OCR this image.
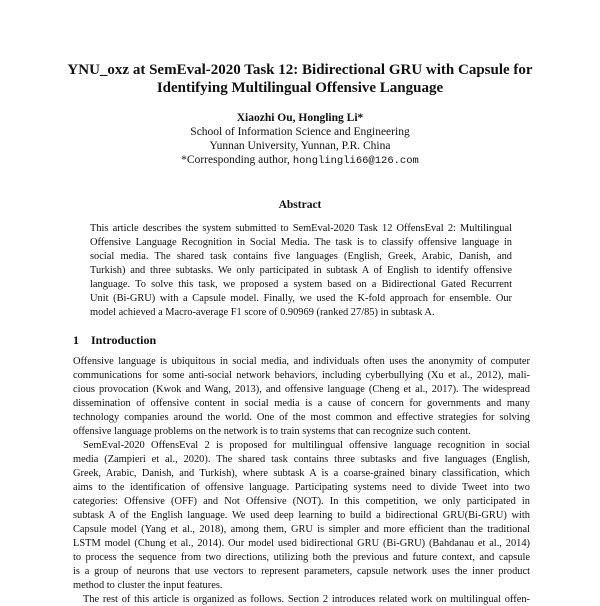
YNU_oxz at SemEval-2020 Task 12: Bidirectional GRU with Capsule for
Identifying Multilingual Offensive Language
Xiaozhi Ou, Hongling Li*
School of Information Science and Engineering
Yunnan University, Yunnan, P.R. China
*Corresponding author, honglingli66@126.com
Abstract
This article describes the system submitted to SemEval-2020 Task 12 OffensEval 2: Multilingual
Offensive Language Recognition in Social Media. The task is to classify offensive language in
social media. The shared task contains five languages (English, Greek, Arabic, Danish, and
Turkish) and three subtasks. We only participated in subtask A of English to identify offensive
language. To solve this task, we proposed a system based on a Bidirectional Gated Recurrent
Unit (Bi-GRU) with a Capsule model. Finally, we used the K-fold approach for ensemble. Our
model achieved a Macro-average F1 score of 0.90969 (ranked 27/85) in subtask A.
1 Introduction
Offensive language is ubiquitous in social media, and individuals often uses the anonymity of computer
communications for some anti-social network behaviors, including cyberbullying (Xu et al., 2012), mali-
cious provocation (Kwok and Wang, 2013), and offensive language (Cheng et al., 2017). The widespread
dissemination of offensive content in social media is a cause of concern for governments and many
technology companies around the world. One of the most common and effective strategies for solving
offensive language problems on the network is to train systems that can recognize such content.
SemEval-2020 OffensEval 2 is proposed for multilingual offensive language recognition in social
media (Zampieri et al., 2020). The shared task contains three subtasks and five languages (English,
Greek, Arabic, Danish, and Turkish), where subtask A is a coarse-grained binary classification, which
aims to the identification of offensive language. Participating systems need to divide Tweet into two
categories: Offensive (OFF) and Not Offensive (NOT). In this competition, we only participated in
subtask A of the English language. We used deep learning to build a bidirectional GRU(Bi-GRU) with
Capsule model (Yang et al., 2018), among them, GRU is simpler and more efficient than the traditional
LSTM model (Chung et al., 2014). Our model used bidirectional GRU (Bi-GRU) (Bahdanau et al., 2014)
to process the sequence from two directions, utilizing both the previous and future context, and capsule
is a group of neurons that use vectors to represent parameters, capsule network uses the inner product
method to cluster the input features.
The rest of this article is organized as follows. Section 2 introduces related work on multilingual offen-
